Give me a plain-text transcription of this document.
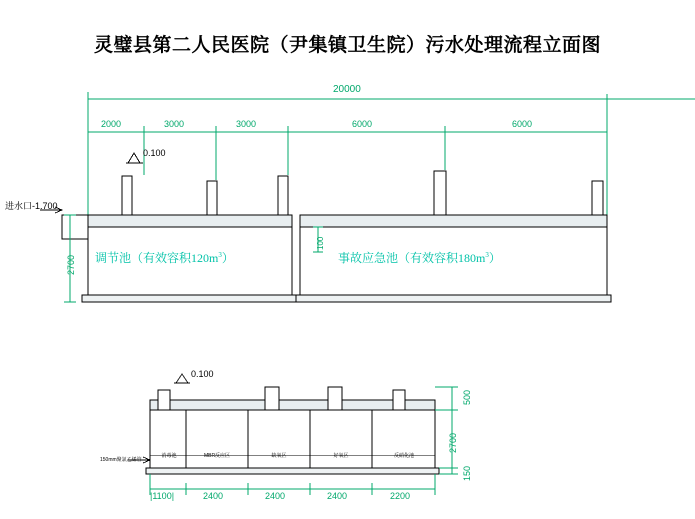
灵璧县第二人民医院（尹集镇卫生院）污水处理流程立面图
20000
2000	3000	3000	6000	6000
0.100
进水口-1.700
2700
100
调节池（有效容积$120m^3$）	事故应急池（有效容积$180m^3$）
0.100
150mm聚氯乙烯管
消毒池	MBR反应区	缺氧区	好氧区	反硝化池
|1100|	2400	2400	2400	2200
500
2700
150
